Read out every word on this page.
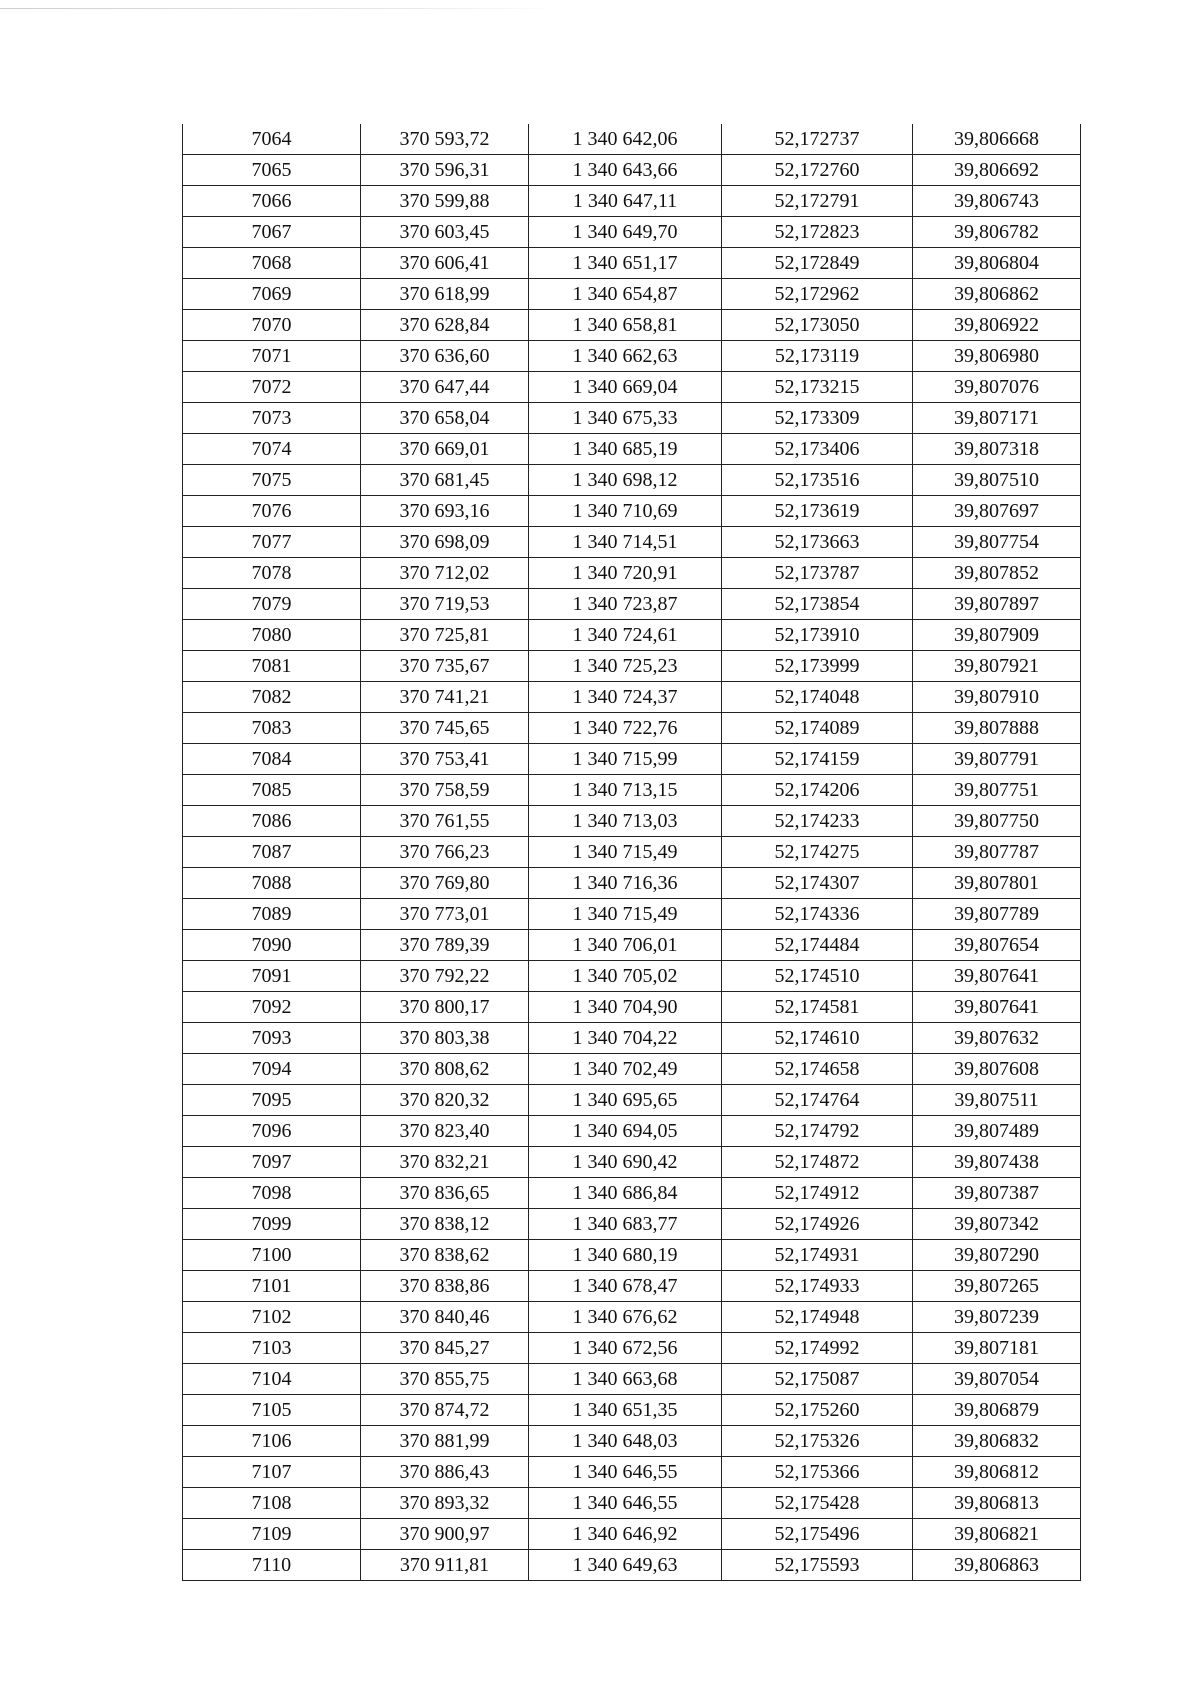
7064	370 593,72	1 340 642,06	52,172737	39,806668
7065	370 596,31	1 340 643,66	52,172760	39,806692
7066	370 599,88	1 340 647,11	52,172791	39,806743
7067	370 603,45	1 340 649,70	52,172823	39,806782
7068	370 606,41	1 340 651,17	52,172849	39,806804
7069	370 618,99	1 340 654,87	52,172962	39,806862
7070	370 628,84	1 340 658,81	52,173050	39,806922
7071	370 636,60	1 340 662,63	52,173119	39,806980
7072	370 647,44	1 340 669,04	52,173215	39,807076
7073	370 658,04	1 340 675,33	52,173309	39,807171
7074	370 669,01	1 340 685,19	52,173406	39,807318
7075	370 681,45	1 340 698,12	52,173516	39,807510
7076	370 693,16	1 340 710,69	52,173619	39,807697
7077	370 698,09	1 340 714,51	52,173663	39,807754
7078	370 712,02	1 340 720,91	52,173787	39,807852
7079	370 719,53	1 340 723,87	52,173854	39,807897
7080	370 725,81	1 340 724,61	52,173910	39,807909
7081	370 735,67	1 340 725,23	52,173999	39,807921
7082	370 741,21	1 340 724,37	52,174048	39,807910
7083	370 745,65	1 340 722,76	52,174089	39,807888
7084	370 753,41	1 340 715,99	52,174159	39,807791
7085	370 758,59	1 340 713,15	52,174206	39,807751
7086	370 761,55	1 340 713,03	52,174233	39,807750
7087	370 766,23	1 340 715,49	52,174275	39,807787
7088	370 769,80	1 340 716,36	52,174307	39,807801
7089	370 773,01	1 340 715,49	52,174336	39,807789
7090	370 789,39	1 340 706,01	52,174484	39,807654
7091	370 792,22	1 340 705,02	52,174510	39,807641
7092	370 800,17	1 340 704,90	52,174581	39,807641
7093	370 803,38	1 340 704,22	52,174610	39,807632
7094	370 808,62	1 340 702,49	52,174658	39,807608
7095	370 820,32	1 340 695,65	52,174764	39,807511
7096	370 823,40	1 340 694,05	52,174792	39,807489
7097	370 832,21	1 340 690,42	52,174872	39,807438
7098	370 836,65	1 340 686,84	52,174912	39,807387
7099	370 838,12	1 340 683,77	52,174926	39,807342
7100	370 838,62	1 340 680,19	52,174931	39,807290
7101	370 838,86	1 340 678,47	52,174933	39,807265
7102	370 840,46	1 340 676,62	52,174948	39,807239
7103	370 845,27	1 340 672,56	52,174992	39,807181
7104	370 855,75	1 340 663,68	52,175087	39,807054
7105	370 874,72	1 340 651,35	52,175260	39,806879
7106	370 881,99	1 340 648,03	52,175326	39,806832
7107	370 886,43	1 340 646,55	52,175366	39,806812
7108	370 893,32	1 340 646,55	52,175428	39,806813
7109	370 900,97	1 340 646,92	52,175496	39,806821
7110	370 911,81	1 340 649,63	52,175593	39,806863
